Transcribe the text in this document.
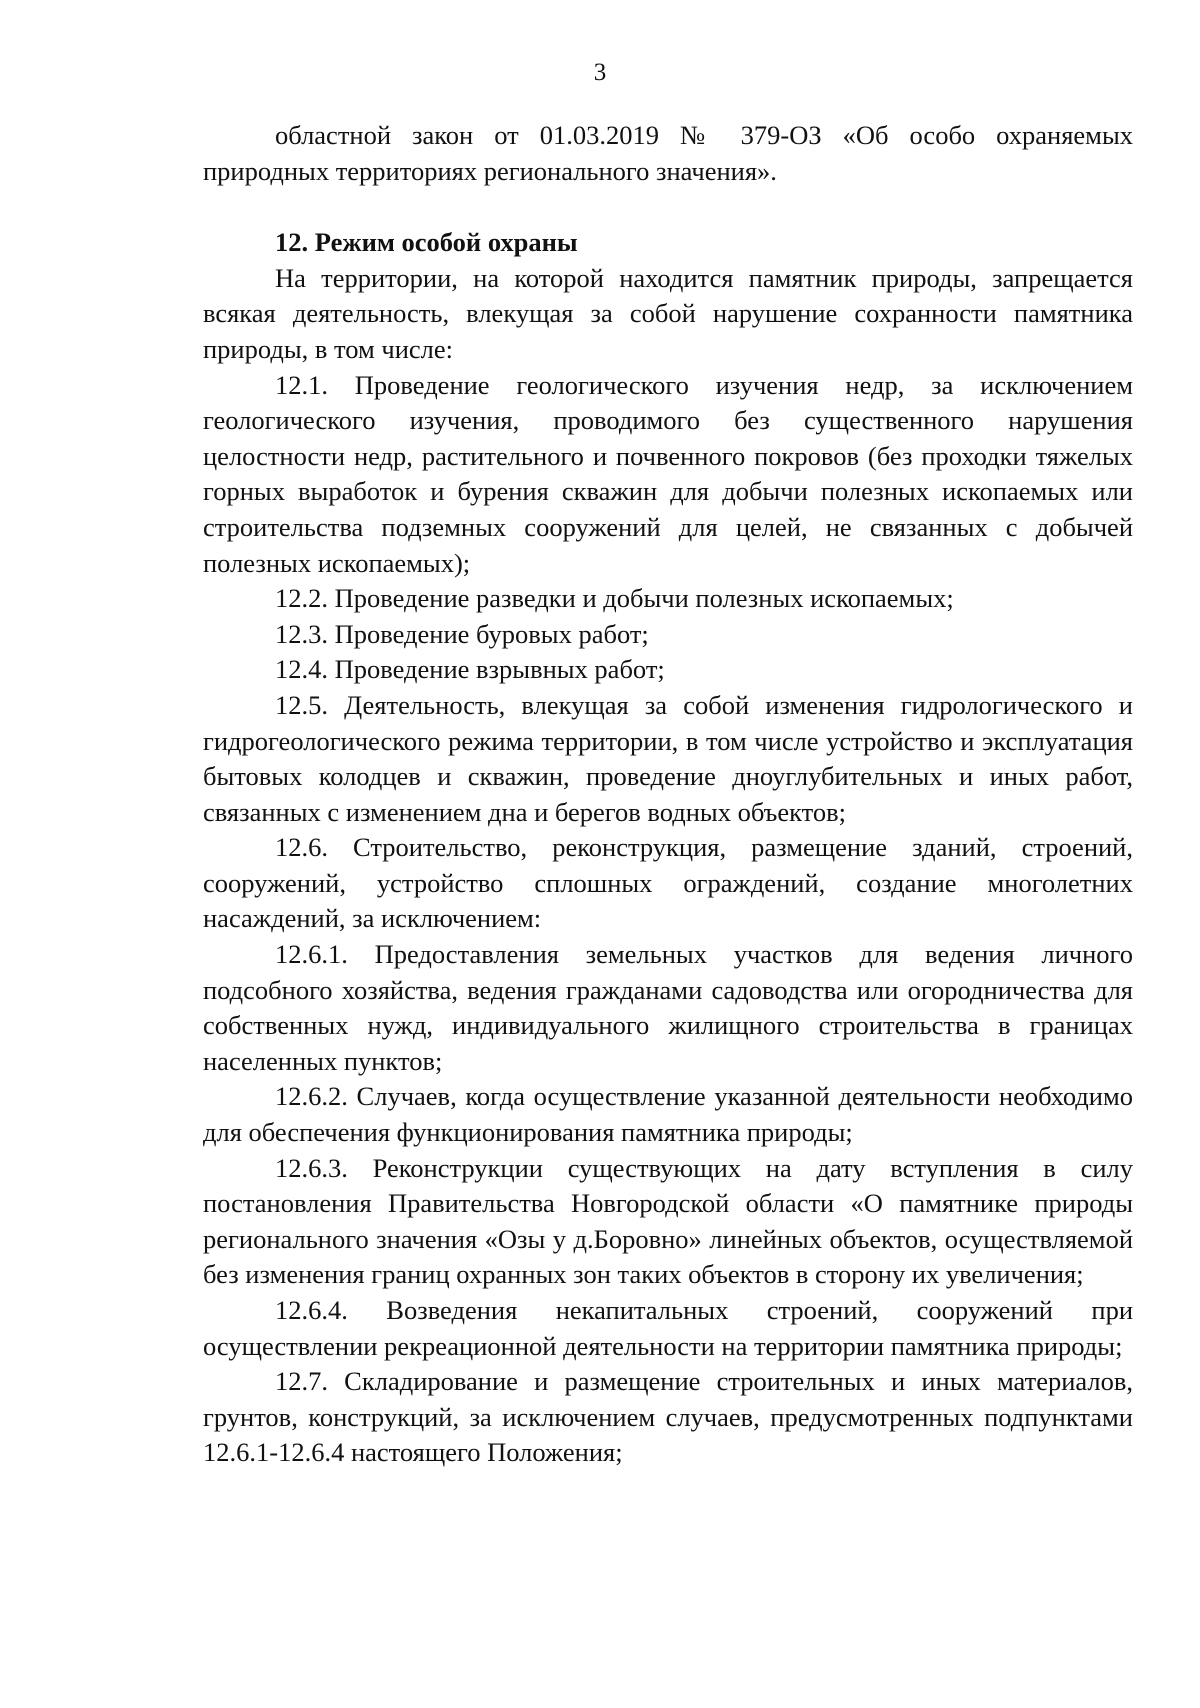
3

областной закон от 01.03.2019 № 379-ОЗ «Об особо охраняемых природных территориях регионального значения».

12. Режим особой охраны

На территории, на которой находится памятник природы, запрещается всякая деятельность, влекущая за собой нарушение сохранности памятника природы, в том числе:

12.1. Проведение геологического изучения недр, за исключением геологического изучения, проводимого без существенного нарушения целостности недр, растительного и почвенного покровов (без проходки тяжелых горных выработок и бурения скважин для добычи полезных ископаемых или строительства подземных сооружений для целей, не связанных с добычей полезных ископаемых);

12.2. Проведение разведки и добычи полезных ископаемых;

12.3. Проведение буровых работ;

12.4. Проведение взрывных работ;

12.5. Деятельность, влекущая за собой изменения гидрологического и гидрогеологического режима территории, в том числе устройство и эксплуатация бытовых колодцев и скважин, проведение дноуглубительных и иных работ, связанных с изменением дна и берегов водных объектов;

12.6. Строительство, реконструкция, размещение зданий, строений, сооружений, устройство сплошных ограждений, создание многолетних насаждений, за исключением:

12.6.1. Предоставления земельных участков для ведения личного подсобного хозяйства, ведения гражданами садоводства или огородничества для собственных нужд, индивидуального жилищного строительства в границах населенных пунктов;

12.6.2. Случаев, когда осуществление указанной деятельности необходимо для обеспечения функционирования памятника природы;

12.6.3. Реконструкции существующих на дату вступления в силу постановления Правительства Новгородской области «О памятнике природы регионального значения «Озы у д.Боровно» линейных объектов, осуществляемой без изменения границ охранных зон таких объектов в сторону их увеличения;

12.6.4. Возведения некапитальных строений, сооружений при осуществлении рекреационной деятельности на территории памятника природы;

12.7. Складирование и размещение строительных и иных материалов, грунтов, конструкций, за исключением случаев, предусмотренных подпунктами 12.6.1-12.6.4 настоящего Положения;
